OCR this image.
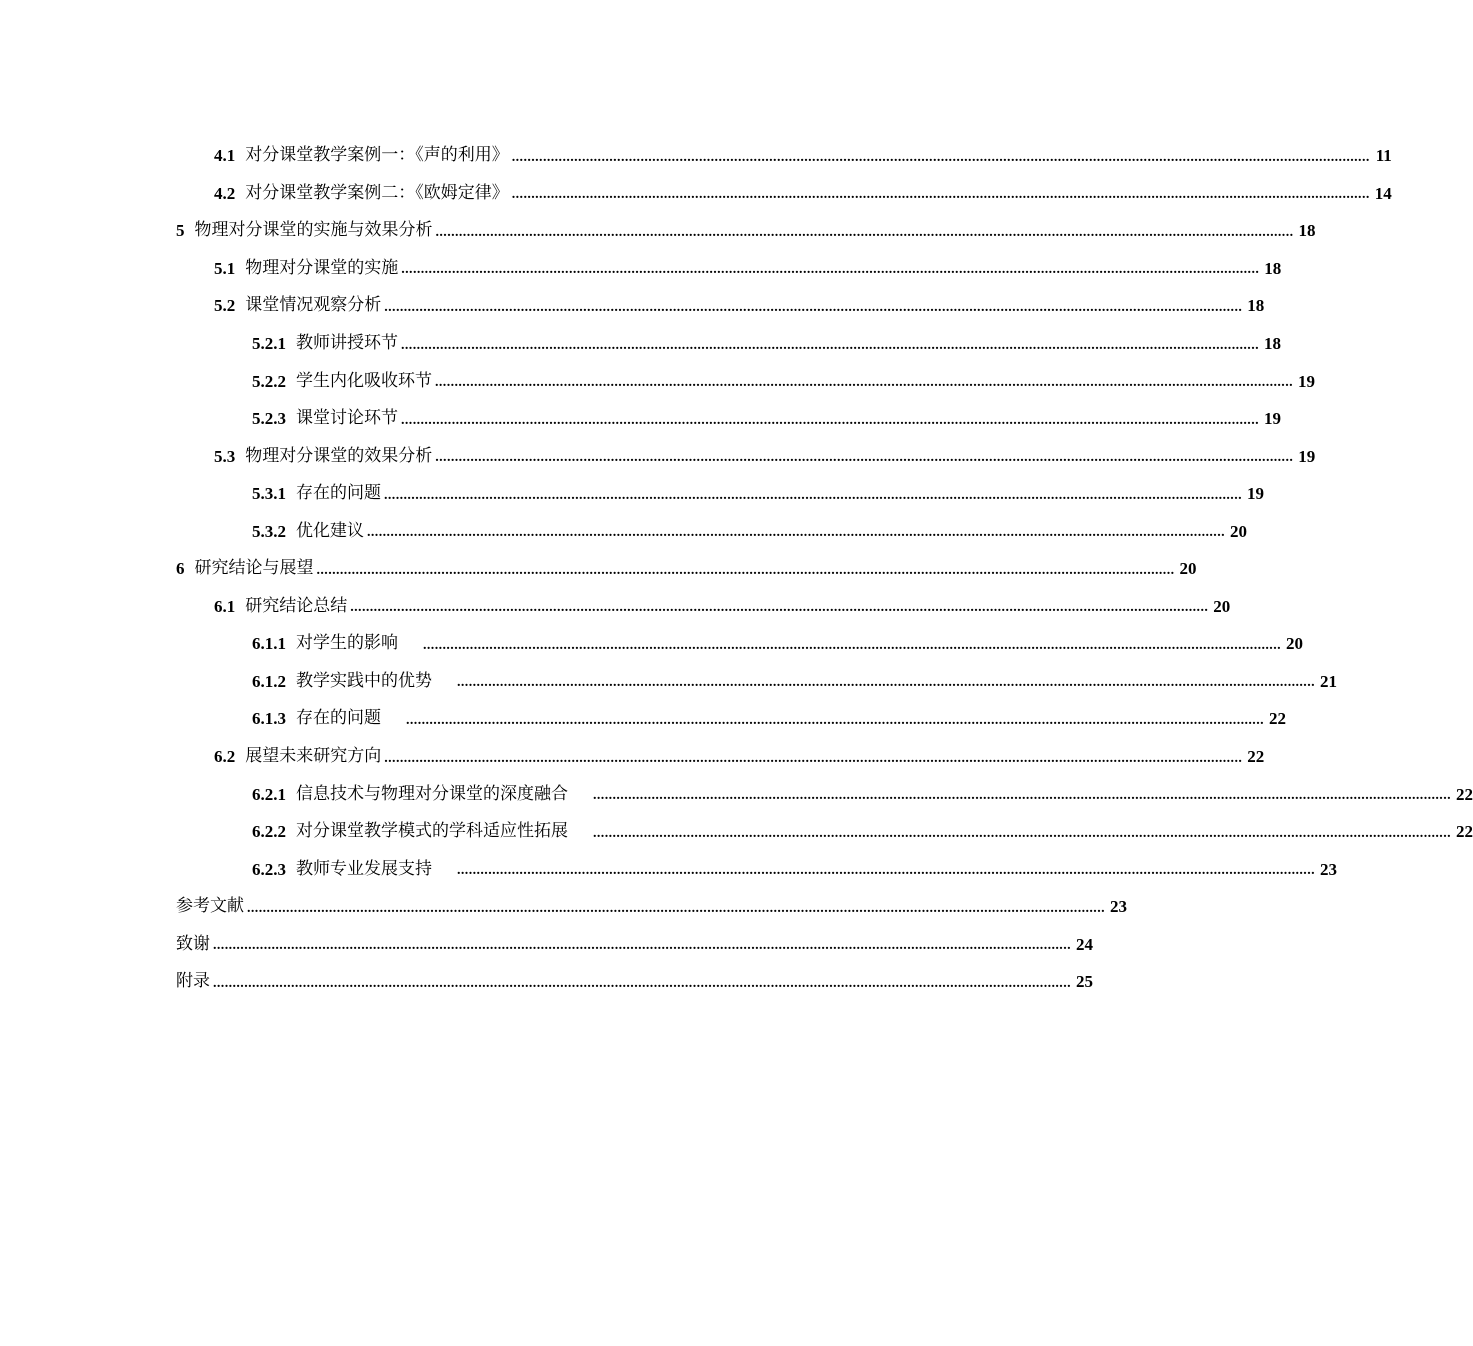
4.1 对分课堂教学案例一：《声的利用》 ............................................................................................................................................................................................................................ 11
4.2 对分课堂教学案例二：《欧姆定律》 ............................................................................................................................................................................................................................ 14
5 物理对分课堂的实施与效果分析 ............................................................................................................................................................................................................................ 18
5.1 物理对分课堂的实施 ............................................................................................................................................................................................................................ 18
5.2 课堂情况观察分析 ............................................................................................................................................................................................................................ 18
5.2.1 教师讲授环节 ............................................................................................................................................................................................................................ 18
5.2.2 学生内化吸收环节 ............................................................................................................................................................................................................................ 19
5.2.3 课堂讨论环节 ............................................................................................................................................................................................................................ 19
5.3 物理对分课堂的效果分析 ............................................................................................................................................................................................................................ 19
5.3.1 存在的问题 ............................................................................................................................................................................................................................ 19
5.3.2 优化建议 ............................................................................................................................................................................................................................ 20
6 研究结论与展望 ............................................................................................................................................................................................................................ 20
6.1 研究结论总结 ............................................................................................................................................................................................................................ 20
6.1.1 对学生的影响 ............................................................................................................................................................................................................................ 20
6.1.2 教学实践中的优势 ............................................................................................................................................................................................................................ 21
6.1.3 存在的问题 ............................................................................................................................................................................................................................ 22
6.2 展望未来研究方向 ............................................................................................................................................................................................................................ 22
6.2.1 信息技术与物理对分课堂的深度融合 ............................................................................................................................................................................................................................ 22
6.2.2 对分课堂教学模式的学科适应性拓展 ............................................................................................................................................................................................................................ 22
6.2.3 教师专业发展支持 ............................................................................................................................................................................................................................ 23
参考文献 ............................................................................................................................................................................................................................ 23
致谢 ............................................................................................................................................................................................................................ 24
附录 ............................................................................................................................................................................................................................ 25
